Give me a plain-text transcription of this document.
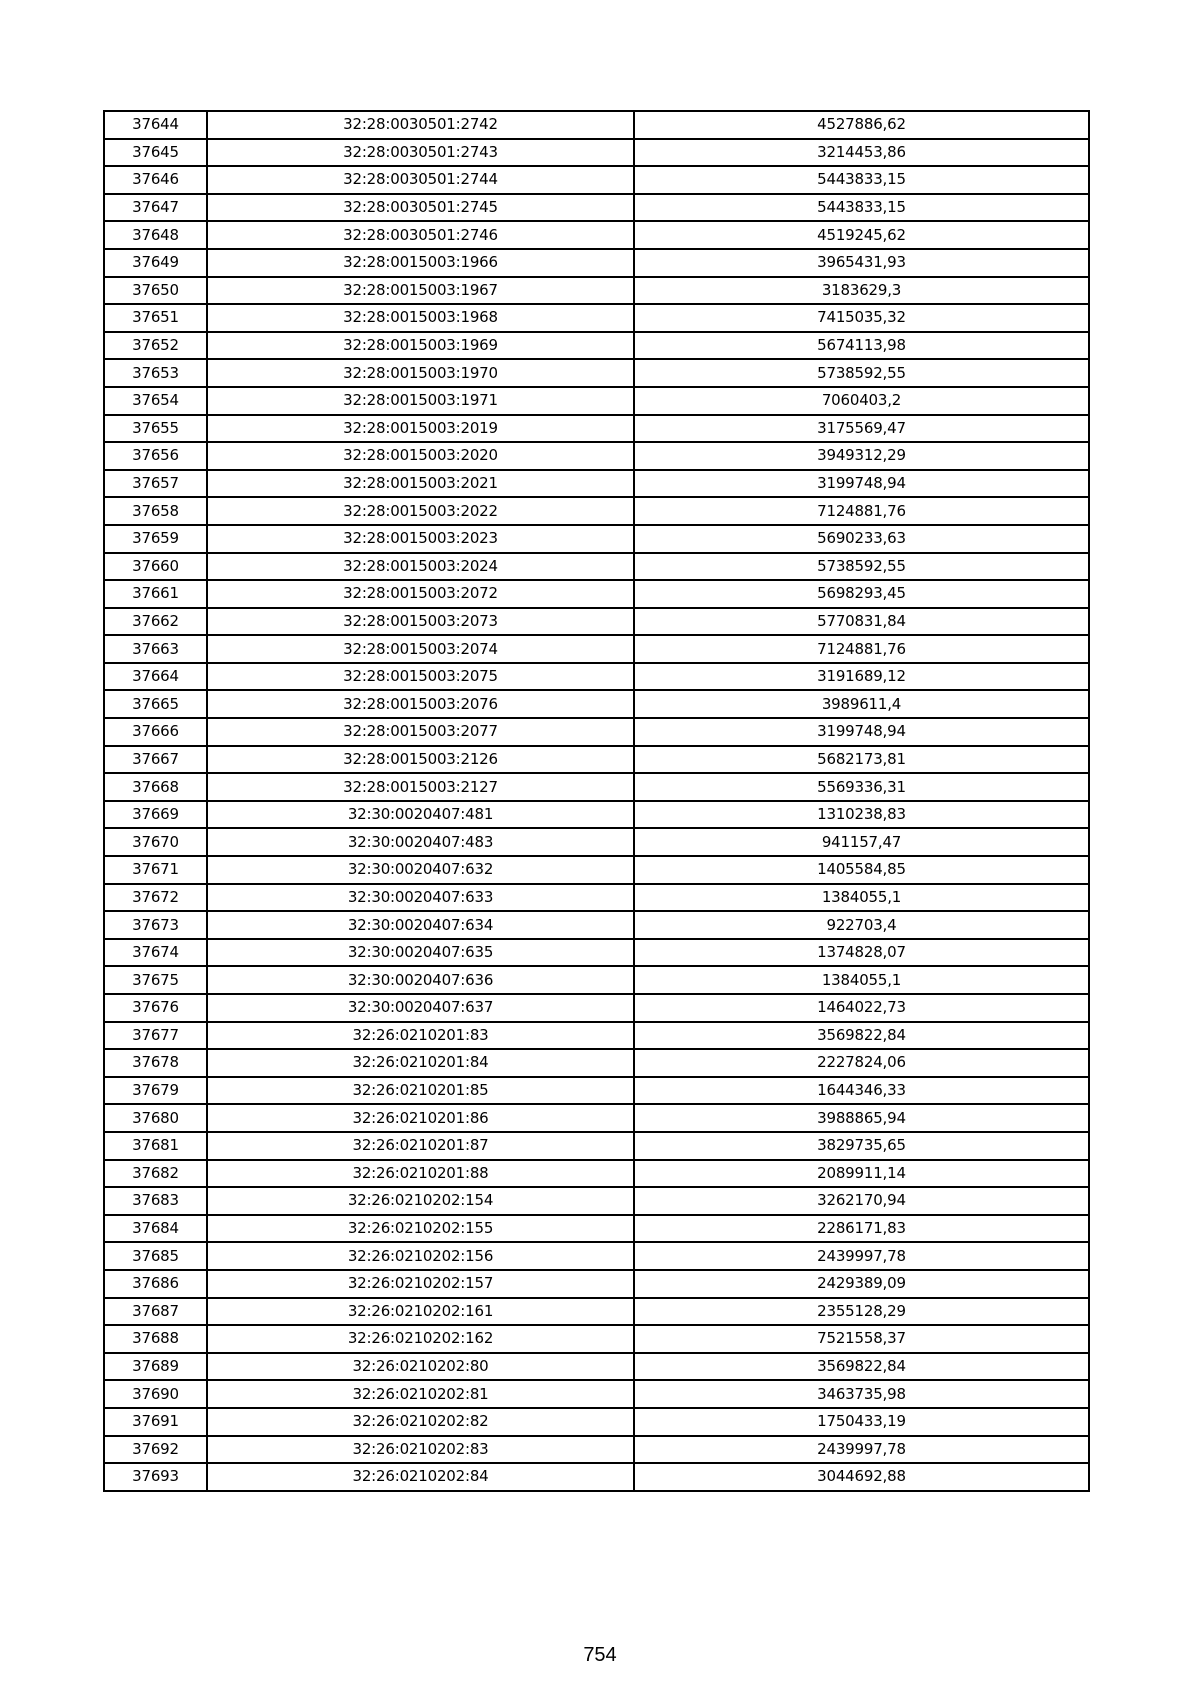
37644	32:28:0030501:2742	4527886,62
37645	32:28:0030501:2743	3214453,86
37646	32:28:0030501:2744	5443833,15
37647	32:28:0030501:2745	5443833,15
37648	32:28:0030501:2746	4519245,62
37649	32:28:0015003:1966	3965431,93
37650	32:28:0015003:1967	3183629,3
37651	32:28:0015003:1968	7415035,32
37652	32:28:0015003:1969	5674113,98
37653	32:28:0015003:1970	5738592,55
37654	32:28:0015003:1971	7060403,2
37655	32:28:0015003:2019	3175569,47
37656	32:28:0015003:2020	3949312,29
37657	32:28:0015003:2021	3199748,94
37658	32:28:0015003:2022	7124881,76
37659	32:28:0015003:2023	5690233,63
37660	32:28:0015003:2024	5738592,55
37661	32:28:0015003:2072	5698293,45
37662	32:28:0015003:2073	5770831,84
37663	32:28:0015003:2074	7124881,76
37664	32:28:0015003:2075	3191689,12
37665	32:28:0015003:2076	3989611,4
37666	32:28:0015003:2077	3199748,94
37667	32:28:0015003:2126	5682173,81
37668	32:28:0015003:2127	5569336,31
37669	32:30:0020407:481	1310238,83
37670	32:30:0020407:483	941157,47
37671	32:30:0020407:632	1405584,85
37672	32:30:0020407:633	1384055,1
37673	32:30:0020407:634	922703,4
37674	32:30:0020407:635	1374828,07
37675	32:30:0020407:636	1384055,1
37676	32:30:0020407:637	1464022,73
37677	32:26:0210201:83	3569822,84
37678	32:26:0210201:84	2227824,06
37679	32:26:0210201:85	1644346,33
37680	32:26:0210201:86	3988865,94
37681	32:26:0210201:87	3829735,65
37682	32:26:0210201:88	2089911,14
37683	32:26:0210202:154	3262170,94
37684	32:26:0210202:155	2286171,83
37685	32:26:0210202:156	2439997,78
37686	32:26:0210202:157	2429389,09
37687	32:26:0210202:161	2355128,29
37688	32:26:0210202:162	7521558,37
37689	32:26:0210202:80	3569822,84
37690	32:26:0210202:81	3463735,98
37691	32:26:0210202:82	1750433,19
37692	32:26:0210202:83	2439997,78
37693	32:26:0210202:84	3044692,88
754
